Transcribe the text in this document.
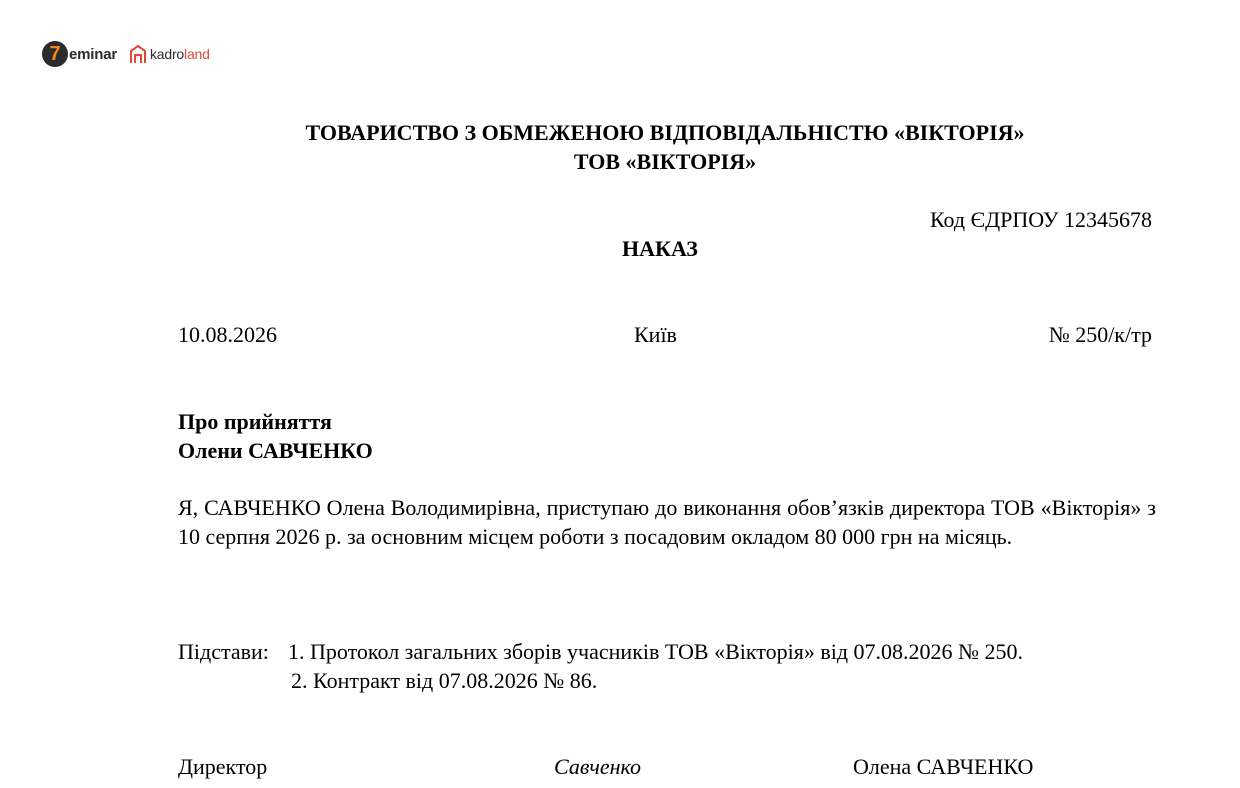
7 eminar kadroland
ТОВАРИСТВО З ОБМЕЖЕНОЮ ВІДПОВІДАЛЬНІСТЮ «ВІКТОРІЯ»
ТОВ «ВІКТОРІЯ»
Код ЄДРПОУ 12345678
НАКАЗ
10.08.2026	Київ	№ 250/к/тр
Про прийняття
Олени САВЧЕНКО
Я, САВЧЕНКО Олена Володимирівна, приступаю до виконання обов’язків директора ТОВ «Вікторія» з 10 серпня 2026 р. за основним місцем роботи з посадовим окладом 80 000 грн на місяць.
Підстави: 1. Протокол загальних зборів учасників ТОВ «Вікторія» від 07.08.2026 № 250.
2. Контракт від 07.08.2026 № 86.
Директор	Савченко	Олена САВЧЕНКО
